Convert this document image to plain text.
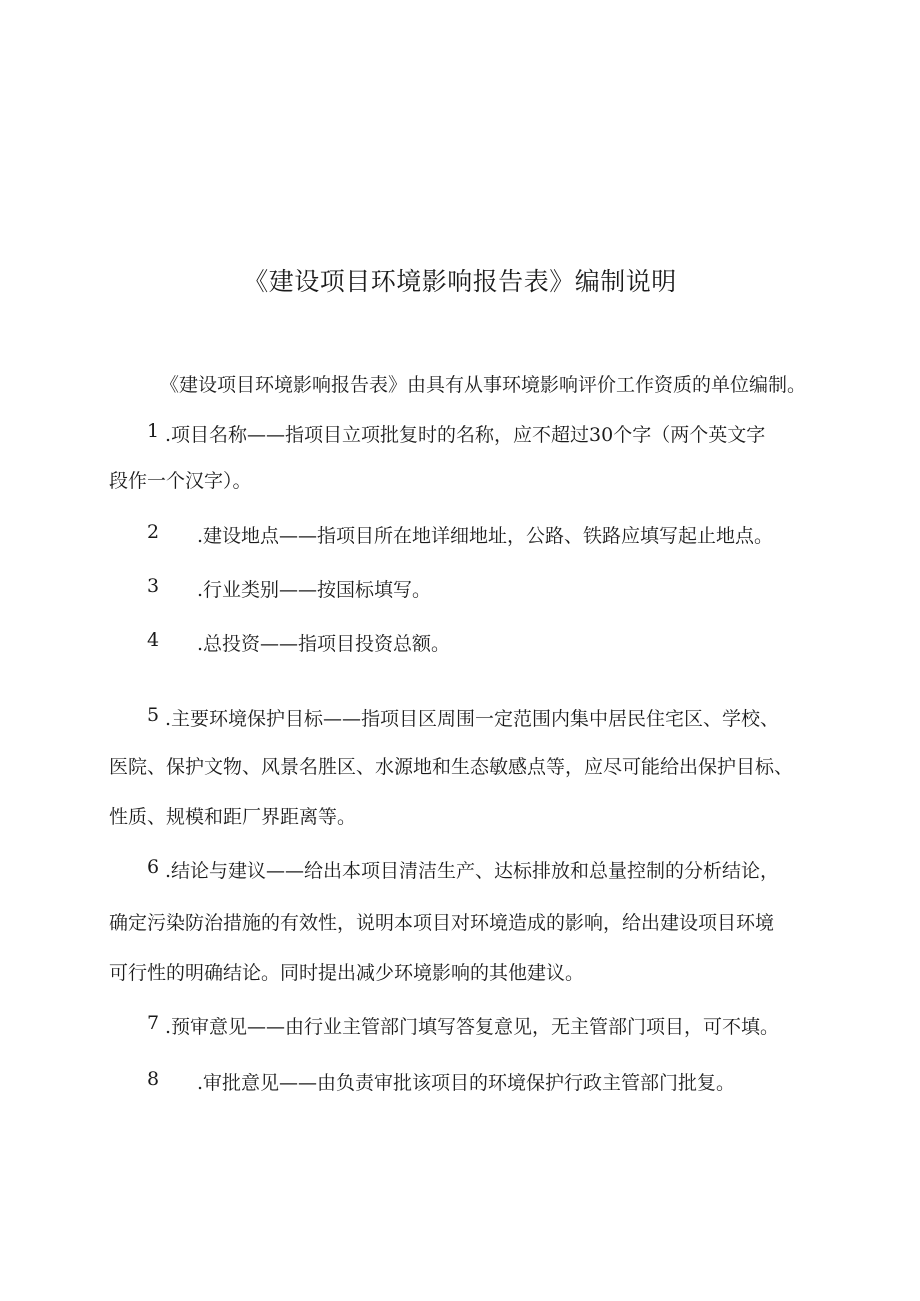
《建设项目环境影响报告表》编制说明
《建设项目环境影响报告表》由具有从事环境影响评价工作资质的单位编制。
1 .项目名称——指项目立项批复时的名称，应不超过30个字（两个英文字
段作一个汉字）。
2 .建设地点——指项目所在地详细地址，公路、铁路应填写起止地点。
3 .行业类别——按国标填写。
4 .总投资——指项目投资总额。
5 .主要环境保护目标——指项目区周围一定范围内集中居民住宅区、学校、
医院、保护文物、风景名胜区、水源地和生态敏感点等，应尽可能给出保护目标、
性质、规模和距厂界距离等。
6 .结论与建议——给出本项目清洁生产、达标排放和总量控制的分析结论，
确定污染防治措施的有效性，说明本项目对环境造成的影响，给出建设项目环境
可行性的明确结论。同时提出减少环境影响的其他建议。
7 .预审意见——由行业主管部门填写答复意见，无主管部门项目，可不填。
8 .审批意见——由负责审批该项目的环境保护行政主管部门批复。
